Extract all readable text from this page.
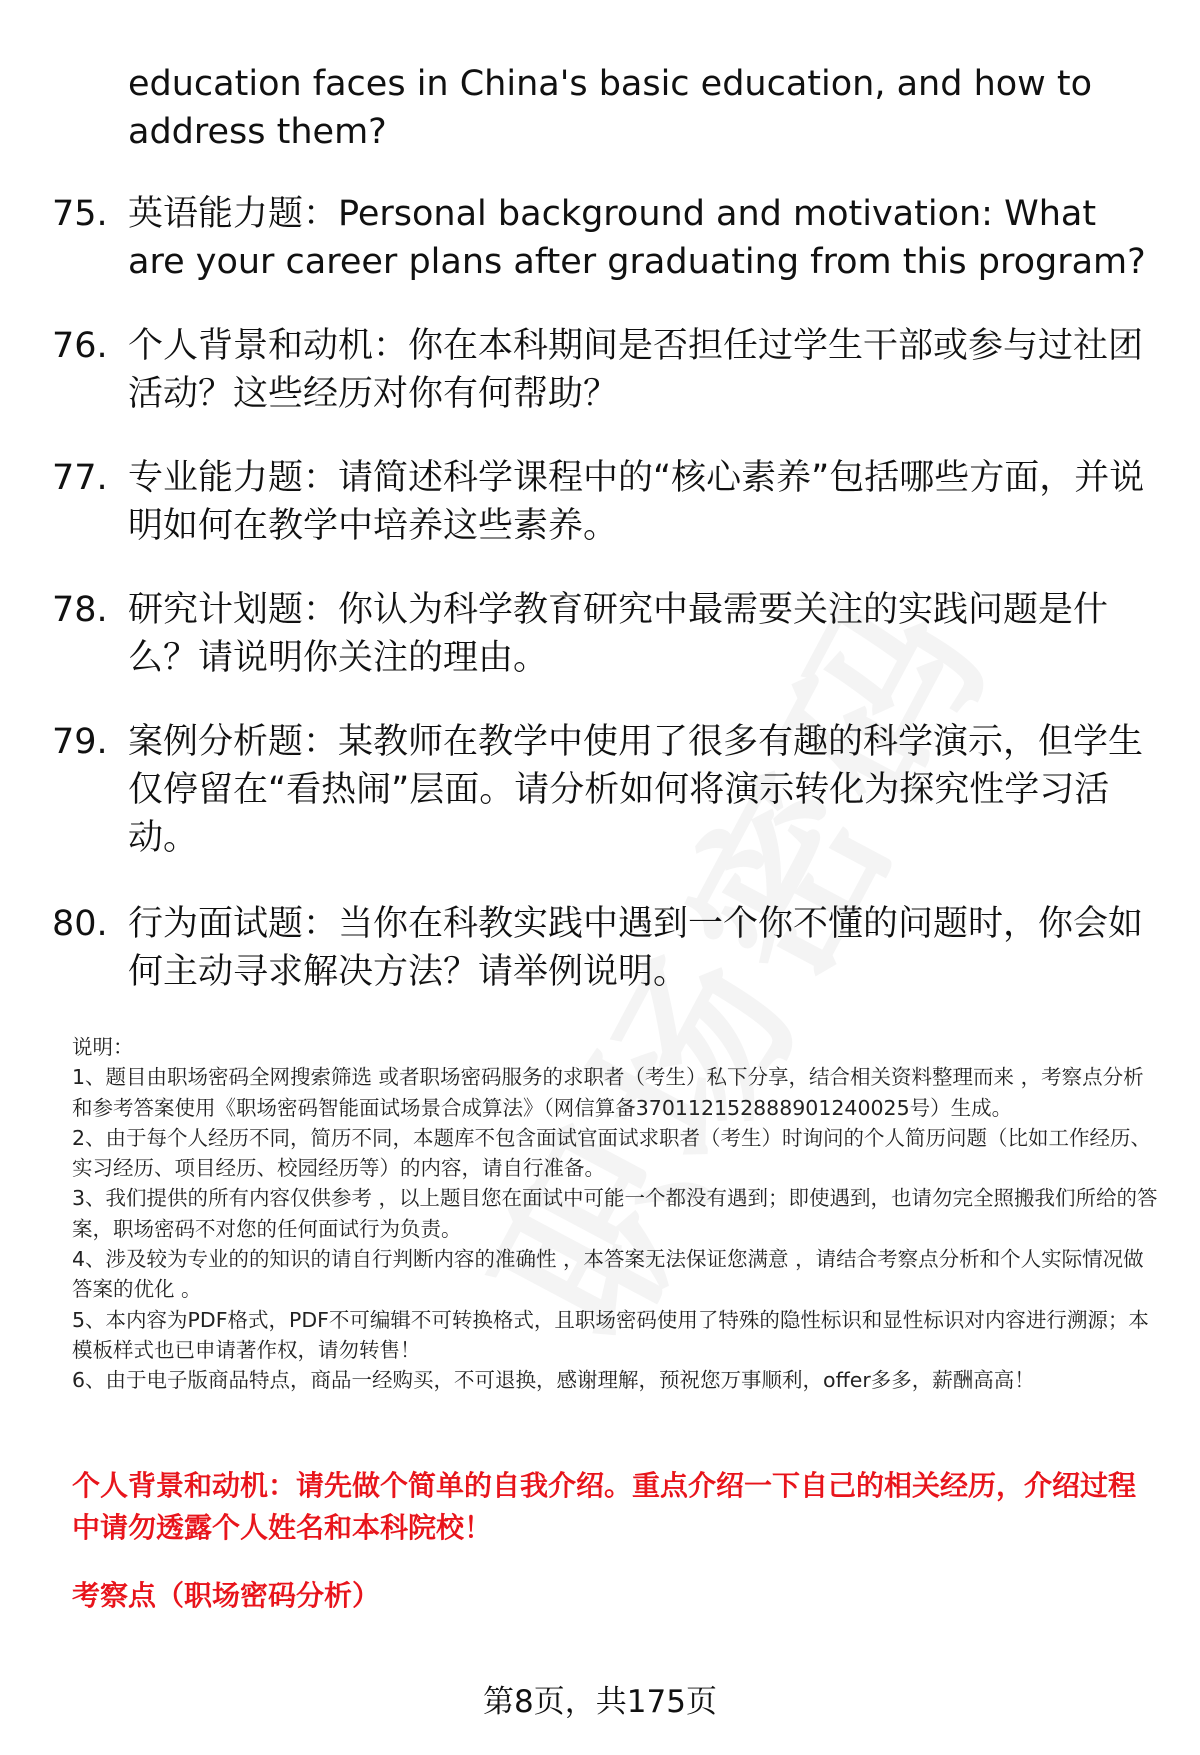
education faces in China's basic education, and how to address them?
75. 英语能力题：Personal background and motivation: What are your career plans after graduating from this program?
76. 个人背景和动机：你在本科期间是否担任过学生干部或参与过社团活动？这些经历对你有何帮助？
77. 专业能力题：请简述科学课程中的“核心素养”包括哪些方面，并说明如何在教学中培养这些素养。
78. 研究计划题：你认为科学教育研究中最需要关注的实践问题是什么？请说明你关注的理由。
79. 案例分析题：某教师在教学中使用了很多有趣的科学演示，但学生仅停留在“看热闹”层面。请分析如何将演示转化为探究性学习活动。
80. 行为面试题：当你在科教实践中遇到一个你不懂的问题时，你会如何主动寻求解决方法？请举例说明。
说明：
1、题目由职场密码全网搜索筛选 或者职场密码服务的求职者（考生）私下分享，结合相关资料整理而来 ，考察点分析和参考答案使用《职场密码智能面试场景合成算法》（网信算备370112152888901240025号）生成。
2、由于每个人经历不同，简历不同，本题库不包含面试官面试求职者（考生）时询问的个人简历问题（比如工作经历、实习经历、项目经历、校园经历等）的内容，请自行准备。
3、我们提供的所有内容仅供参考 ，以上题目您在面试中可能一个都没有遇到；即使遇到，也请勿完全照搬我们所给的答案，职场密码不对您的任何面试行为负责。
4、涉及较为专业的的知识的请自行判断内容的准确性 ，本答案无法保证您满意 ，请结合考察点分析和个人实际情况做答案的优化 。
5、本内容为PDF格式，PDF不可编辑不可转换格式，且职场密码使用了特殊的隐性标识和显性标识对内容进行溯源；本模板样式也已申请著作权，请勿转售！
6、由于电子版商品特点，商品一经购买，不可退换，感谢理解，预祝您万事顺利，offer多多，薪酬高高！
个人背景和动机：请先做个简单的自我介绍。重点介绍一下自己的相关经历，介绍过程中请勿透露个人姓名和本科院校！
考察点（职场密码分析）
第8页，共175页
